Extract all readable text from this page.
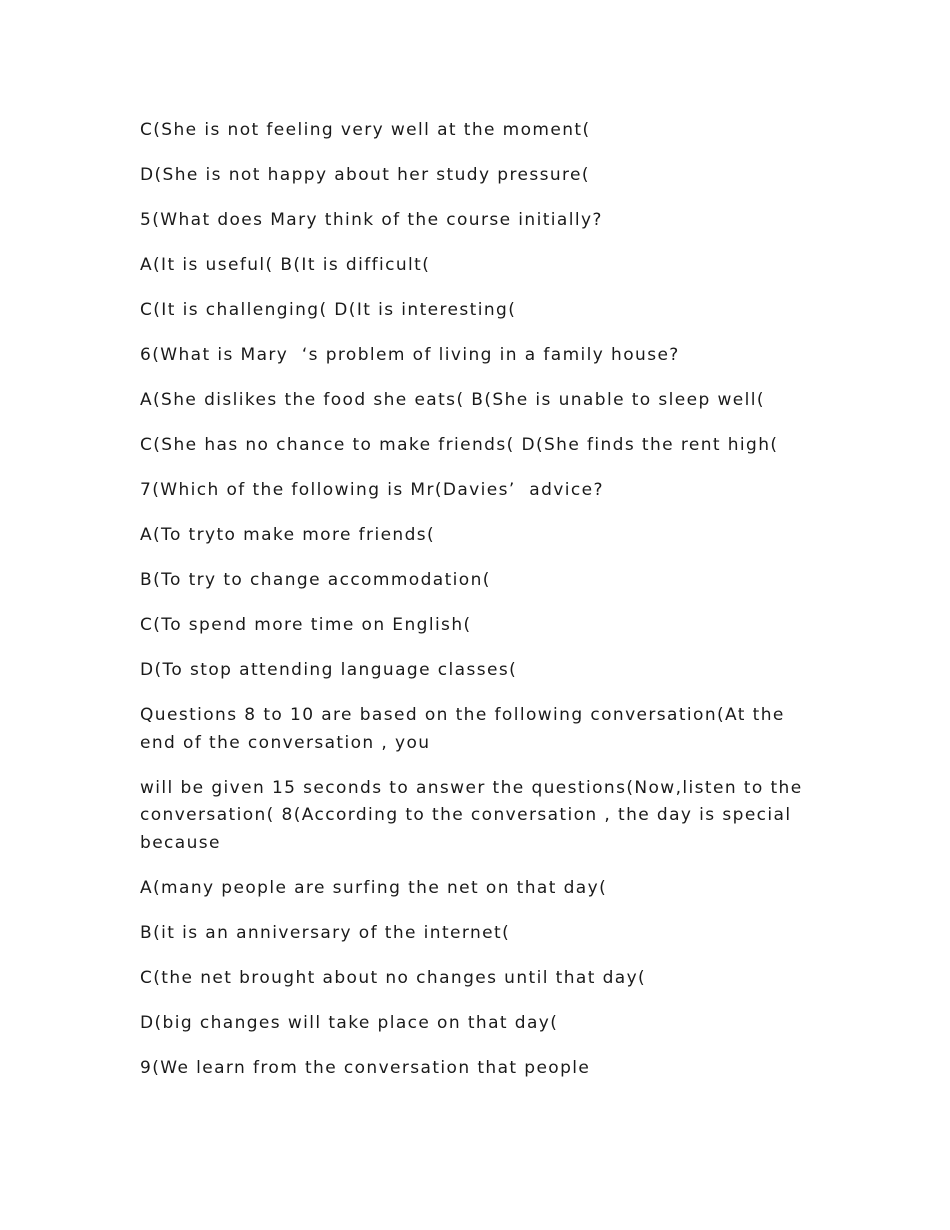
C(She is not feeling very well at the moment(

D(She is not happy about her study pressure(

5(What does Mary think of the course initially?

A(It is useful( B(It is difficult(

C(It is challenging( D(It is interesting(

6(What is Mary  ‘s problem of living in a family house?

A(She dislikes the food she eats( B(She is unable to sleep well(

C(She has no chance to make friends( D(She finds the rent high(

7(Which of the following is Mr(Davies’  advice?

A(To tryto make more friends(

B(To try to change accommodation(

C(To spend more time on English(

D(To stop attending language classes(

Questions 8 to 10 are based on the following conversation(At the end of the conversation , you

will be given 15 seconds to answer the questions(Now,listen to the conversation( 8(According to the conversation , the day is special because

A(many people are surfing the net on that day(

B(it is an anniversary of the internet(

C(the net brought about no changes until that day(

D(big changes will take place on that day(

9(We learn from the conversation that people
